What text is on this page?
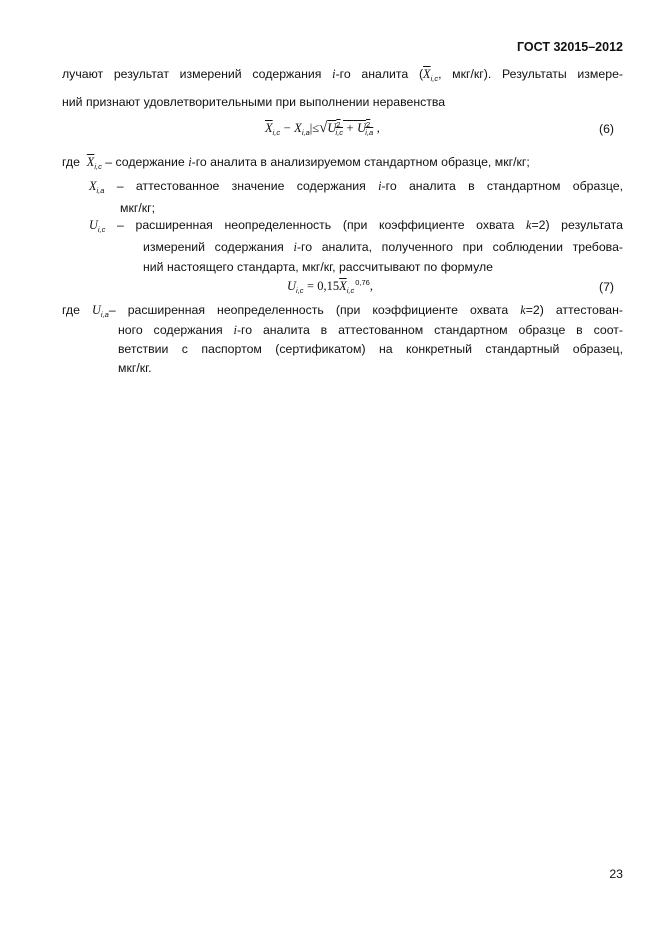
ГОСТ 32015–2012
лучают результат измерений содержания i-го аналита ($\overline{X}_{i,c}$, мкг/кг). Результаты измере-
ний признают удовлетворительными при выполнении неравенства
$\overline{X}_{i,c} - X_{i,a}|\le√U^2_{i,c} + U^2_{i,a}$ ,	(6)
где $\overline{X}_{i,c}$ – содержание i-го аналита в анализируемом стандартном образце, мкг/кг;
$X_{i,a}$ – аттестованное значение содержания i-го аналита в стандартном образце,
мкг/кг;
$U_{i,c}$ – расширенная неопределенность (при коэффициенте охвата k=2) результата
измерений содержания i-го аналита, полученного при соблюдении требова-
ний настоящего стандарта, мкг/кг, рассчитывают по формуле
$U_{i,c} = 0,15\overline{X}_{i,c}^{0,76}$,	(7)
где $U_{i,a}-$ расширенная неопределенность (при коэффициенте охвата k=2) аттестован-
ного содержания i-го аналита в аттестованном стандартном образце в соот-
ветствии с паспортом (сертификатом) на конкретный стандартный образец,
мкг/кг.
23
